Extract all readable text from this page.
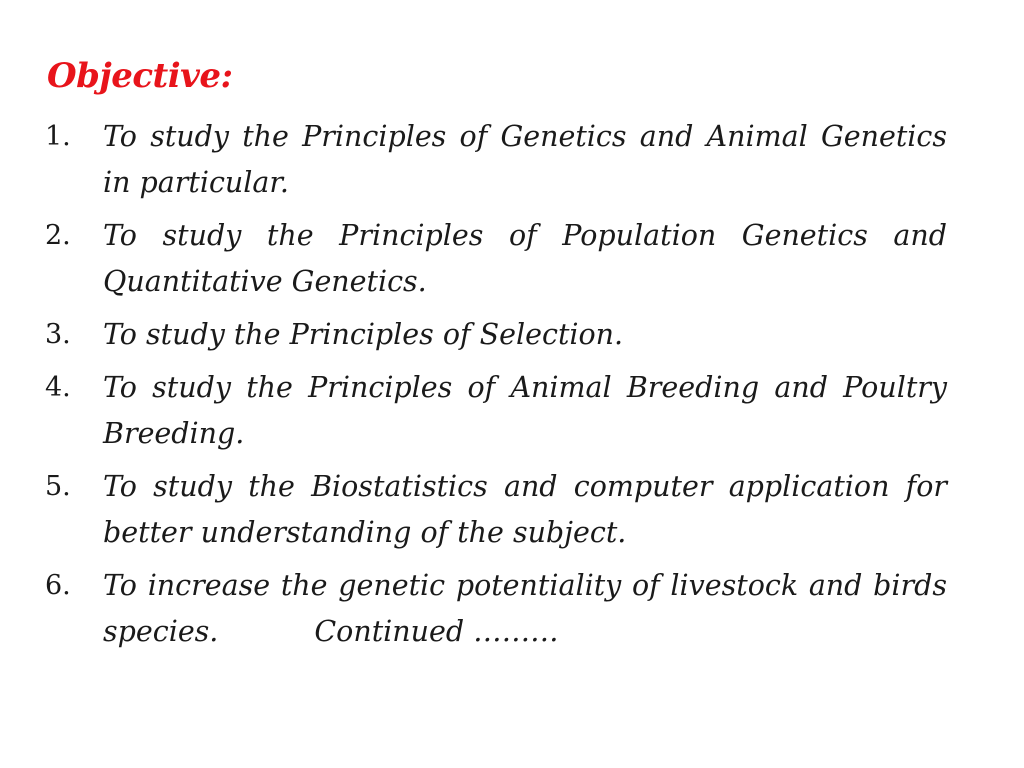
Objective:
1. To study the Principles of Genetics and Animal Genetics in particular.
2. To study the Principles of Population Genetics and Quantitative Genetics.
3. To study the Principles of Selection.
4. To study the Principles of Animal Breeding and Poultry Breeding.
5. To study the Biostatistics and computer application for better understanding of the subject.
6. To increase the genetic potentiality of livestock and birds species.	Continued ………
